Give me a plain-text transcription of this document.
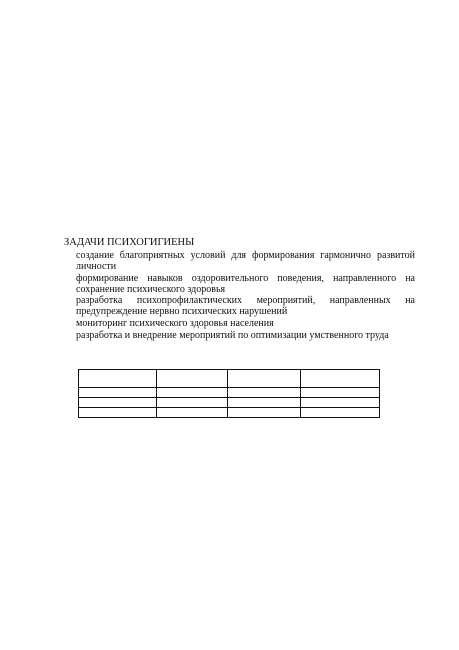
ЗАДАЧИ ПСИХОГИГИЕНЫ
создание благоприятных условий для формирования гармонично развитой личности
формирование навыков оздоровительного поведения, направленного на сохранение психического здоровья
разработка психопрофилактических мероприятий, направленных на предупреждение нервно психических нарушений
мониторинг психического здоровья населения
разработка и внедрение мероприятий по оптимизации умственного труда
